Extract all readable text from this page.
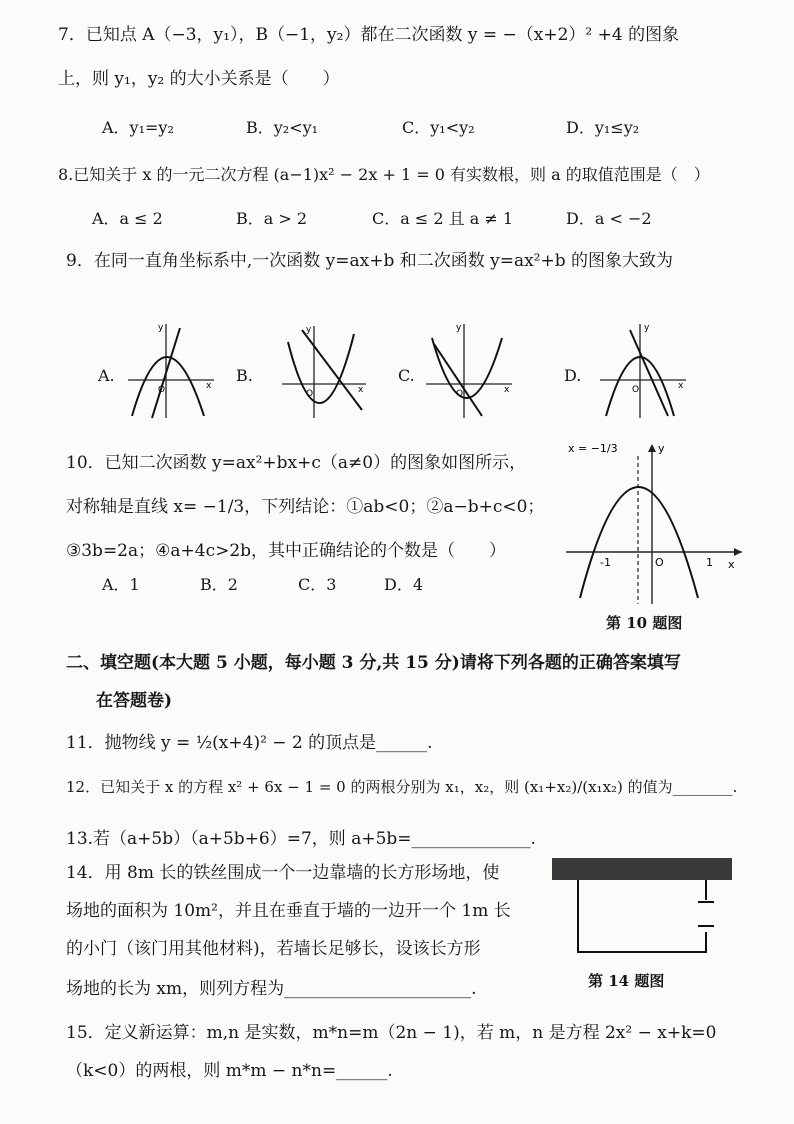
7．已知点 A（−3，y₁），B（−1，y₂）都在二次函数 y = −（x+2）² +4 的图象
上，则 y₁，y₂ 的大小关系是（　　）
A．y₁=y₂	B．y₂<y₁	C．y₁<y₂	D．y₁≤y₂
8.已知关于 x 的一元二次方程 (a−1)x² − 2x + 1 = 0 有实数根，则 a 的取值范围是（　）
A．a ≤ 2	B．a > 2	C．a ≤ 2 且 a ≠ 1	D．a < −2
9．在同一直角坐标系中,一次函数 y=ax+b 和二次函数 y=ax²+b 的图象大致为
A.
x
y
O
B.
x
y
O
C.
x
y
O
D.
x
y
O
10．已知二次函数 y=ax²+bx+c（a≠0）的图象如图所示，
对称轴是直线 x= −1/3，下列结论：①ab<0；②a−b+c<0；
③3b=2a；④a+4c>2b，其中正确结论的个数是（　　）
A．1	B．2	C．3	D．4
x = −1/3
x
y
O
-1	1
第 10 题图
二、填空题(本大题 5 小题，每小题 3 分,共 15 分)请将下列各题的正确答案填写
在答题卷)
11．抛物线 y = ½(x+4)² − 2 的顶点是______.
12．已知关于 x 的方程 x² + 6x − 1 = 0 的两根分别为 x₁，x₂，则 (x₁+x₂)/(x₁x₂) 的值为________.
13.若（a+5b）（a+5b+6）=7，则 a+5b=______________.
14．用 8m 长的铁丝围成一个一边靠墙的长方形场地，使
场地的面积为 10m²，并且在垂直于墙的一边开一个 1m 长
的小门（该门用其他材料)，若墙长足够长，设该长方形
场地的长为 xm，则列方程为______________________.	第 14 题图
15．定义新运算：m,n 是实数，m*n=m（2n − 1)，若 m，n 是方程 2x² − x+k=0
（k<0）的两根，则 m*m − n*n=______.
